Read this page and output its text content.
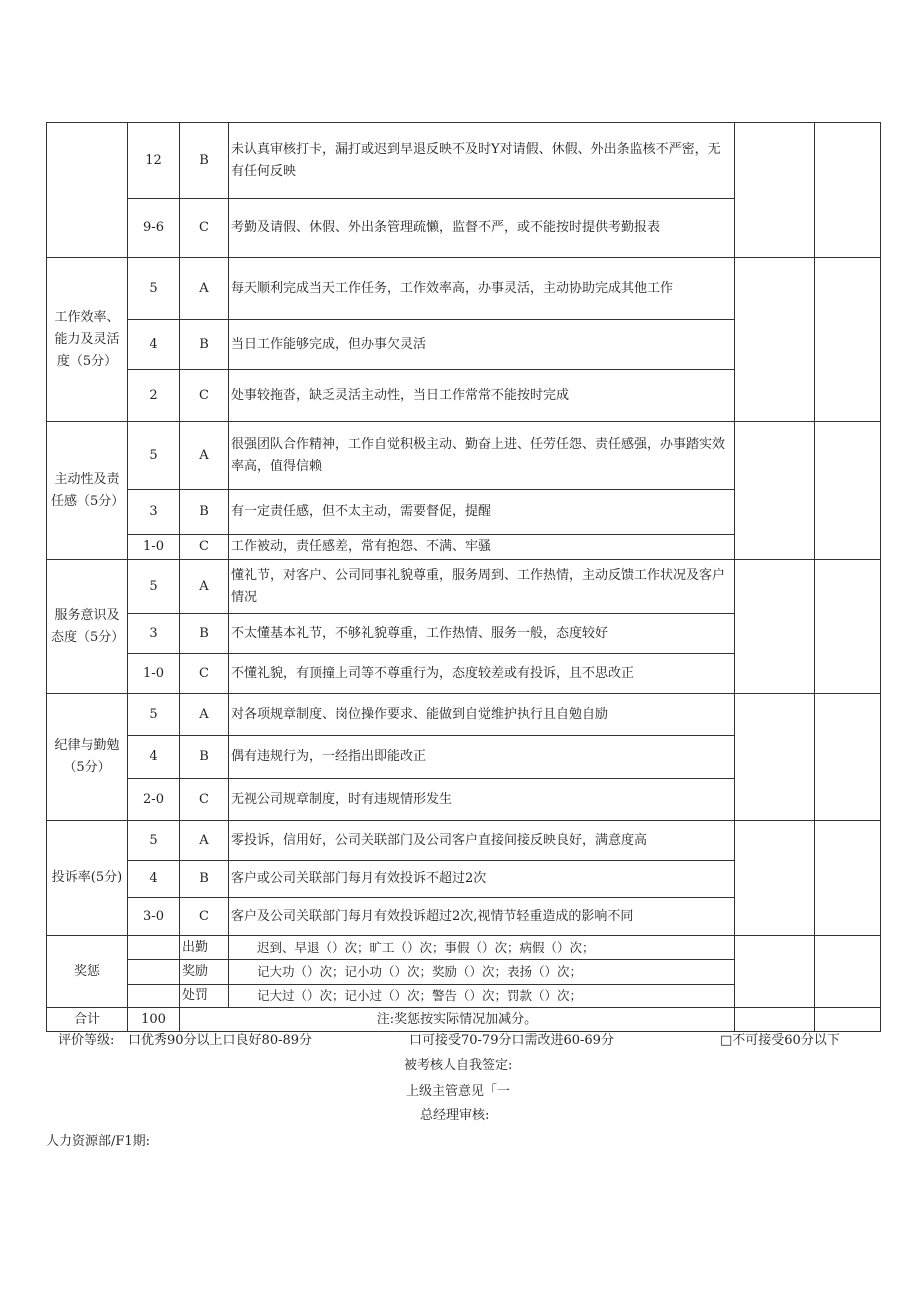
	12	B	未认真审核打卡，漏打或迟到早退反映不及时Y对请假、休假、外出条监核不严密，无有任何反映		
	9-6	C	考勤及请假、休假、外出条管理疏懒，监督不严，或不能按时提供考勤报表		
工作效率、能力及灵活度（5分）	5	A	每天顺利完成当天工作任务，工作效率高，办事灵活，主动协助完成其他工作		
	4	B	当日工作能够完成，但办事欠灵活		
	2	C	处事较拖沓，缺乏灵活主动性，当日工作常常不能按时完成		
主动性及责任感（5分）	5	A	很强团队合作精神，工作自觉积极主动、勤奋上进、任劳任怨、责任感强，办事踏实效率高，值得信赖		
	3	B	有一定责任感，但不太主动，需要督促，提醒		
	1-0	C	工作被动，责任感差，常有抱怨、不满、牢骚		
服务意识及态度（5分）	5	A	懂礼节，对客户、公司同事礼貌尊重，服务周到、工作热情，主动反馈工作状况及客户情况		
	3	B	不太懂基本礼节，不够礼貌尊重，工作热情、服务一般，态度较好		
	1-0	C	不懂礼貌，有顶撞上司等不尊重行为，态度较差或有投诉，且不思改正		
纪律与勤勉（5分）	5	A	对各项规章制度、岗位操作要求、能做到自觉维护执行且自勉自励		
	4	B	偶有违规行为，一经指出即能改正		
	2-0	C	无视公司规章制度，时有违规情形发生		
投诉率(5分)	5	A	零投诉，信用好，公司关联部门及公司客户直接间接反映良好，满意度高		
	4	B	客户或公司关联部门每月有效投诉不超过2次		
	3-0	C	客户及公司关联部门每月有效投诉超过2次,视情节轻重造成的影响不同		
奖惩		出勤	迟到、早退（）次；旷工（）次；事假（）次；病假（）次；		
		奖励	记大功（）次；记小功（）次；奖励（）次；表扬（）次；		
		处罚	记大过（）次；记小过（）次；警告（）次；罚款（）次；		
合计	100	注:奖惩按实际情况加减分。			
评价等级: 口优秀90分以上口良好80-89分	口可接受70-79分口需改进60-69分	□不可接受60分以下
被考核人自我签定:
上级主管意见「一
总经理审核:
人力资源部/F1期:
